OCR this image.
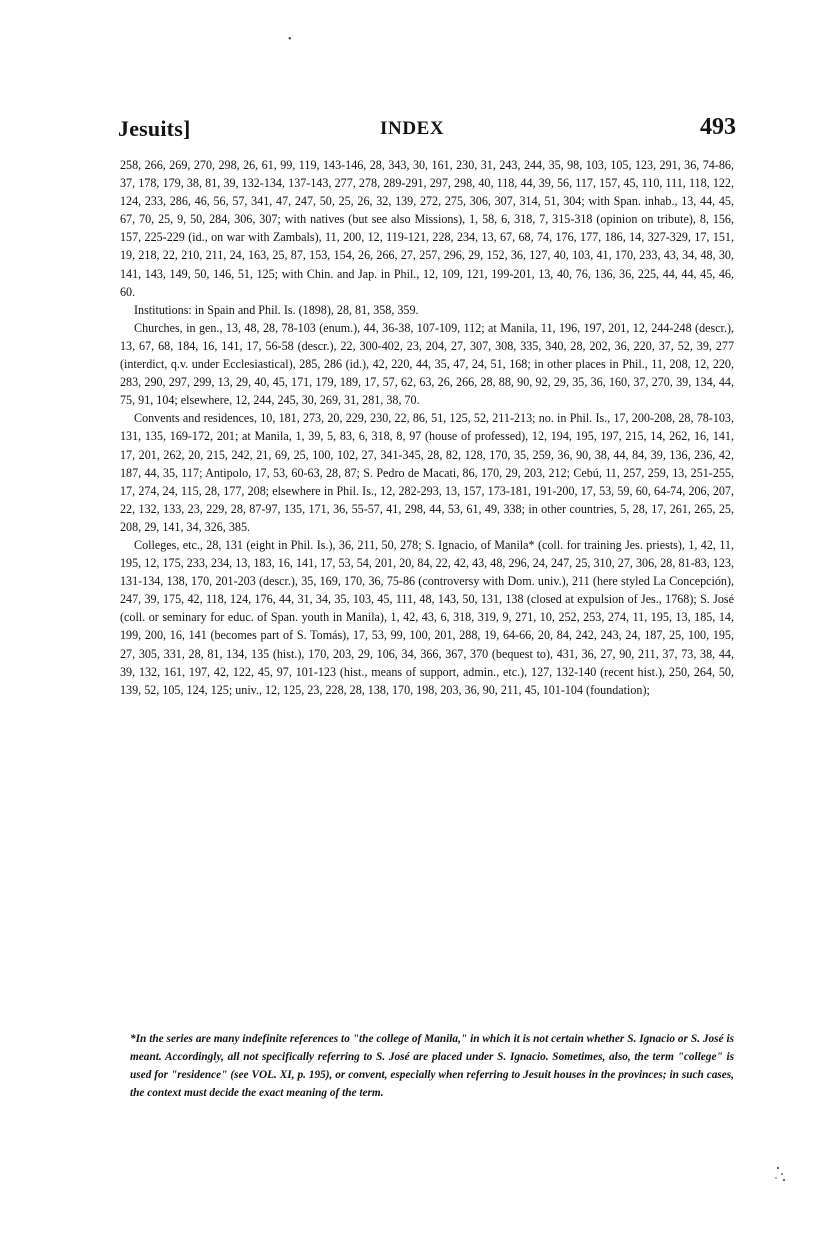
•
Jesuits]	INDEX	493

258, 266, 269, 270, 298, 26, 61, 99, 119, 143-146, 28, 343, 30, 161, 230, 31, 243, 244, 35, 98, 103, 105, 123, 291, 36, 74-86, 37, 178, 179, 38, 81, 39, 132-134, 137-143, 277, 278, 289-291, 297, 298, 40, 118, 44, 39, 56, 117, 157, 45, 110, 111, 118, 122, 124, 233, 286, 46, 56, 57, 341, 47, 247, 50, 25, 26, 32, 139, 272, 275, 306, 307, 314, 51, 304; with Span. inhab., 13, 44, 45, 67, 70, 25, 9, 50, 284, 306, 307; with natives (but see also Missions), 1, 58, 6, 318, 7, 315-318 (opinion on tribute), 8, 156, 157, 225-229 (id., on war with Zambals), 11, 200, 12, 119-121, 228, 234, 13, 67, 68, 74, 176, 177, 186, 14, 327-329, 17, 151, 19, 218, 22, 210, 211, 24, 163, 25, 87, 153, 154, 26, 266, 27, 257, 296, 29, 152, 36, 127, 40, 103, 41, 170, 233, 43, 34, 48, 30, 141, 143, 149, 50, 146, 51, 125; with Chin. and Jap. in Phil., 12, 109, 121, 199-201, 13, 40, 76, 136, 36, 225, 44, 44, 45, 46, 60.

Institutions: in Spain and Phil. Is. (1898), 28, 81, 358, 359.

Churches, in gen., 13, 48, 28, 78-103 (enum.), 44, 36-38, 107-109, 112; at Manila, 11, 196, 197, 201, 12, 244-248 (descr.), 13, 67, 68, 184, 16, 141, 17, 56-58 (descr.), 22, 300-402, 23, 204, 27, 307, 308, 335, 340, 28, 202, 36, 220, 37, 52, 39, 277 (interdict, q.v. under Ecclesiastical), 285, 286 (id.), 42, 220, 44, 35, 47, 24, 51, 168; in other places in Phil., 11, 208, 12, 220, 283, 290, 297, 299, 13, 29, 40, 45, 171, 179, 189, 17, 57, 62, 63, 26, 266, 28, 88, 90, 92, 29, 35, 36, 160, 37, 270, 39, 134, 44, 75, 91, 104; elsewhere, 12, 244, 245, 30, 269, 31, 281, 38, 70.

Convents and residences, 10, 181, 273, 20, 229, 230, 22, 86, 51, 125, 52, 211-213; no. in Phil. Is., 17, 200-208, 28, 78-103, 131, 135, 169-172, 201; at Manila, 1, 39, 5, 83, 6, 318, 8, 97 (house of professed), 12, 194, 195, 197, 215, 14, 262, 16, 141, 17, 201, 262, 20, 215, 242, 21, 69, 25, 100, 102, 27, 341-345, 28, 82, 128, 170, 35, 259, 36, 90, 38, 44, 84, 39, 136, 236, 42, 187, 44, 35, 117; Antipolo, 17, 53, 60-63, 28, 87; S. Pedro de Macati, 86, 170, 29, 203, 212; Cebú, 11, 257, 259, 13, 251-255, 17, 274, 24, 115, 28, 177, 208; elsewhere in Phil. Is., 12, 282-293, 13, 157, 173-181, 191-200, 17, 53, 59, 60, 64-74, 206, 207, 22, 132, 133, 23, 229, 28, 87-97, 135, 171, 36, 55-57, 41, 298, 44, 53, 61, 49, 338; in other countries, 5, 28, 17, 261, 265, 25, 208, 29, 141, 34, 326, 385.

Colleges, etc., 28, 131 (eight in Phil. Is.), 36, 211, 50, 278; S. Ignacio, of Manila* (coll. for training Jes. priests), 1, 42, 11, 195, 12, 175, 233, 234, 13, 183, 16, 141, 17, 53, 54, 201, 20, 84, 22, 42, 43, 48, 296, 24, 247, 25, 310, 27, 306, 28, 81-83, 123, 131-134, 138, 170, 201-203 (descr.), 35, 169, 170, 36, 75-86 (controversy with Dom. univ.), 211 (here styled La Concepción), 247, 39, 175, 42, 118, 124, 176, 44, 31, 34, 35, 103, 45, 111, 48, 143, 50, 131, 138 (closed at expulsion of Jes., 1768); S. José (coll. or seminary for educ. of Span. youth in Manila), 1, 42, 43, 6, 318, 319, 9, 271, 10, 252, 253, 274, 11, 195, 13, 185, 14, 199, 200, 16, 141 (becomes part of S. Tomás), 17, 53, 99, 100, 201, 288, 19, 64-66, 20, 84, 242, 243, 24, 187, 25, 100, 195, 27, 305, 331, 28, 81, 134, 135 (hist.), 170, 203, 29, 106, 34, 366, 367, 370 (bequest to), 431, 36, 27, 90, 211, 37, 73, 38, 44, 39, 132, 161, 197, 42, 122, 45, 97, 101-123 (hist., means of support, admin., etc.), 127, 132-140 (recent hist.), 250, 264, 50, 139, 52, 105, 124, 125; univ., 12, 125, 23, 228, 28, 138, 170, 198, 203, 36, 90, 211, 45, 101-104 (foundation);

*In the series are many indefinite references to "the college of Manila," in which it is not certain whether S. Ignacio or S. José is meant. Accordingly, all not specifically referring to S. José are placed under S. Ignacio. Sometimes, also, the term "college" is used for "residence" (see VOL. XI, p. 195), or convent, especially when referring to Jesuit houses in the provinces; in such cases, the context must decide the exact meaning of the term.
